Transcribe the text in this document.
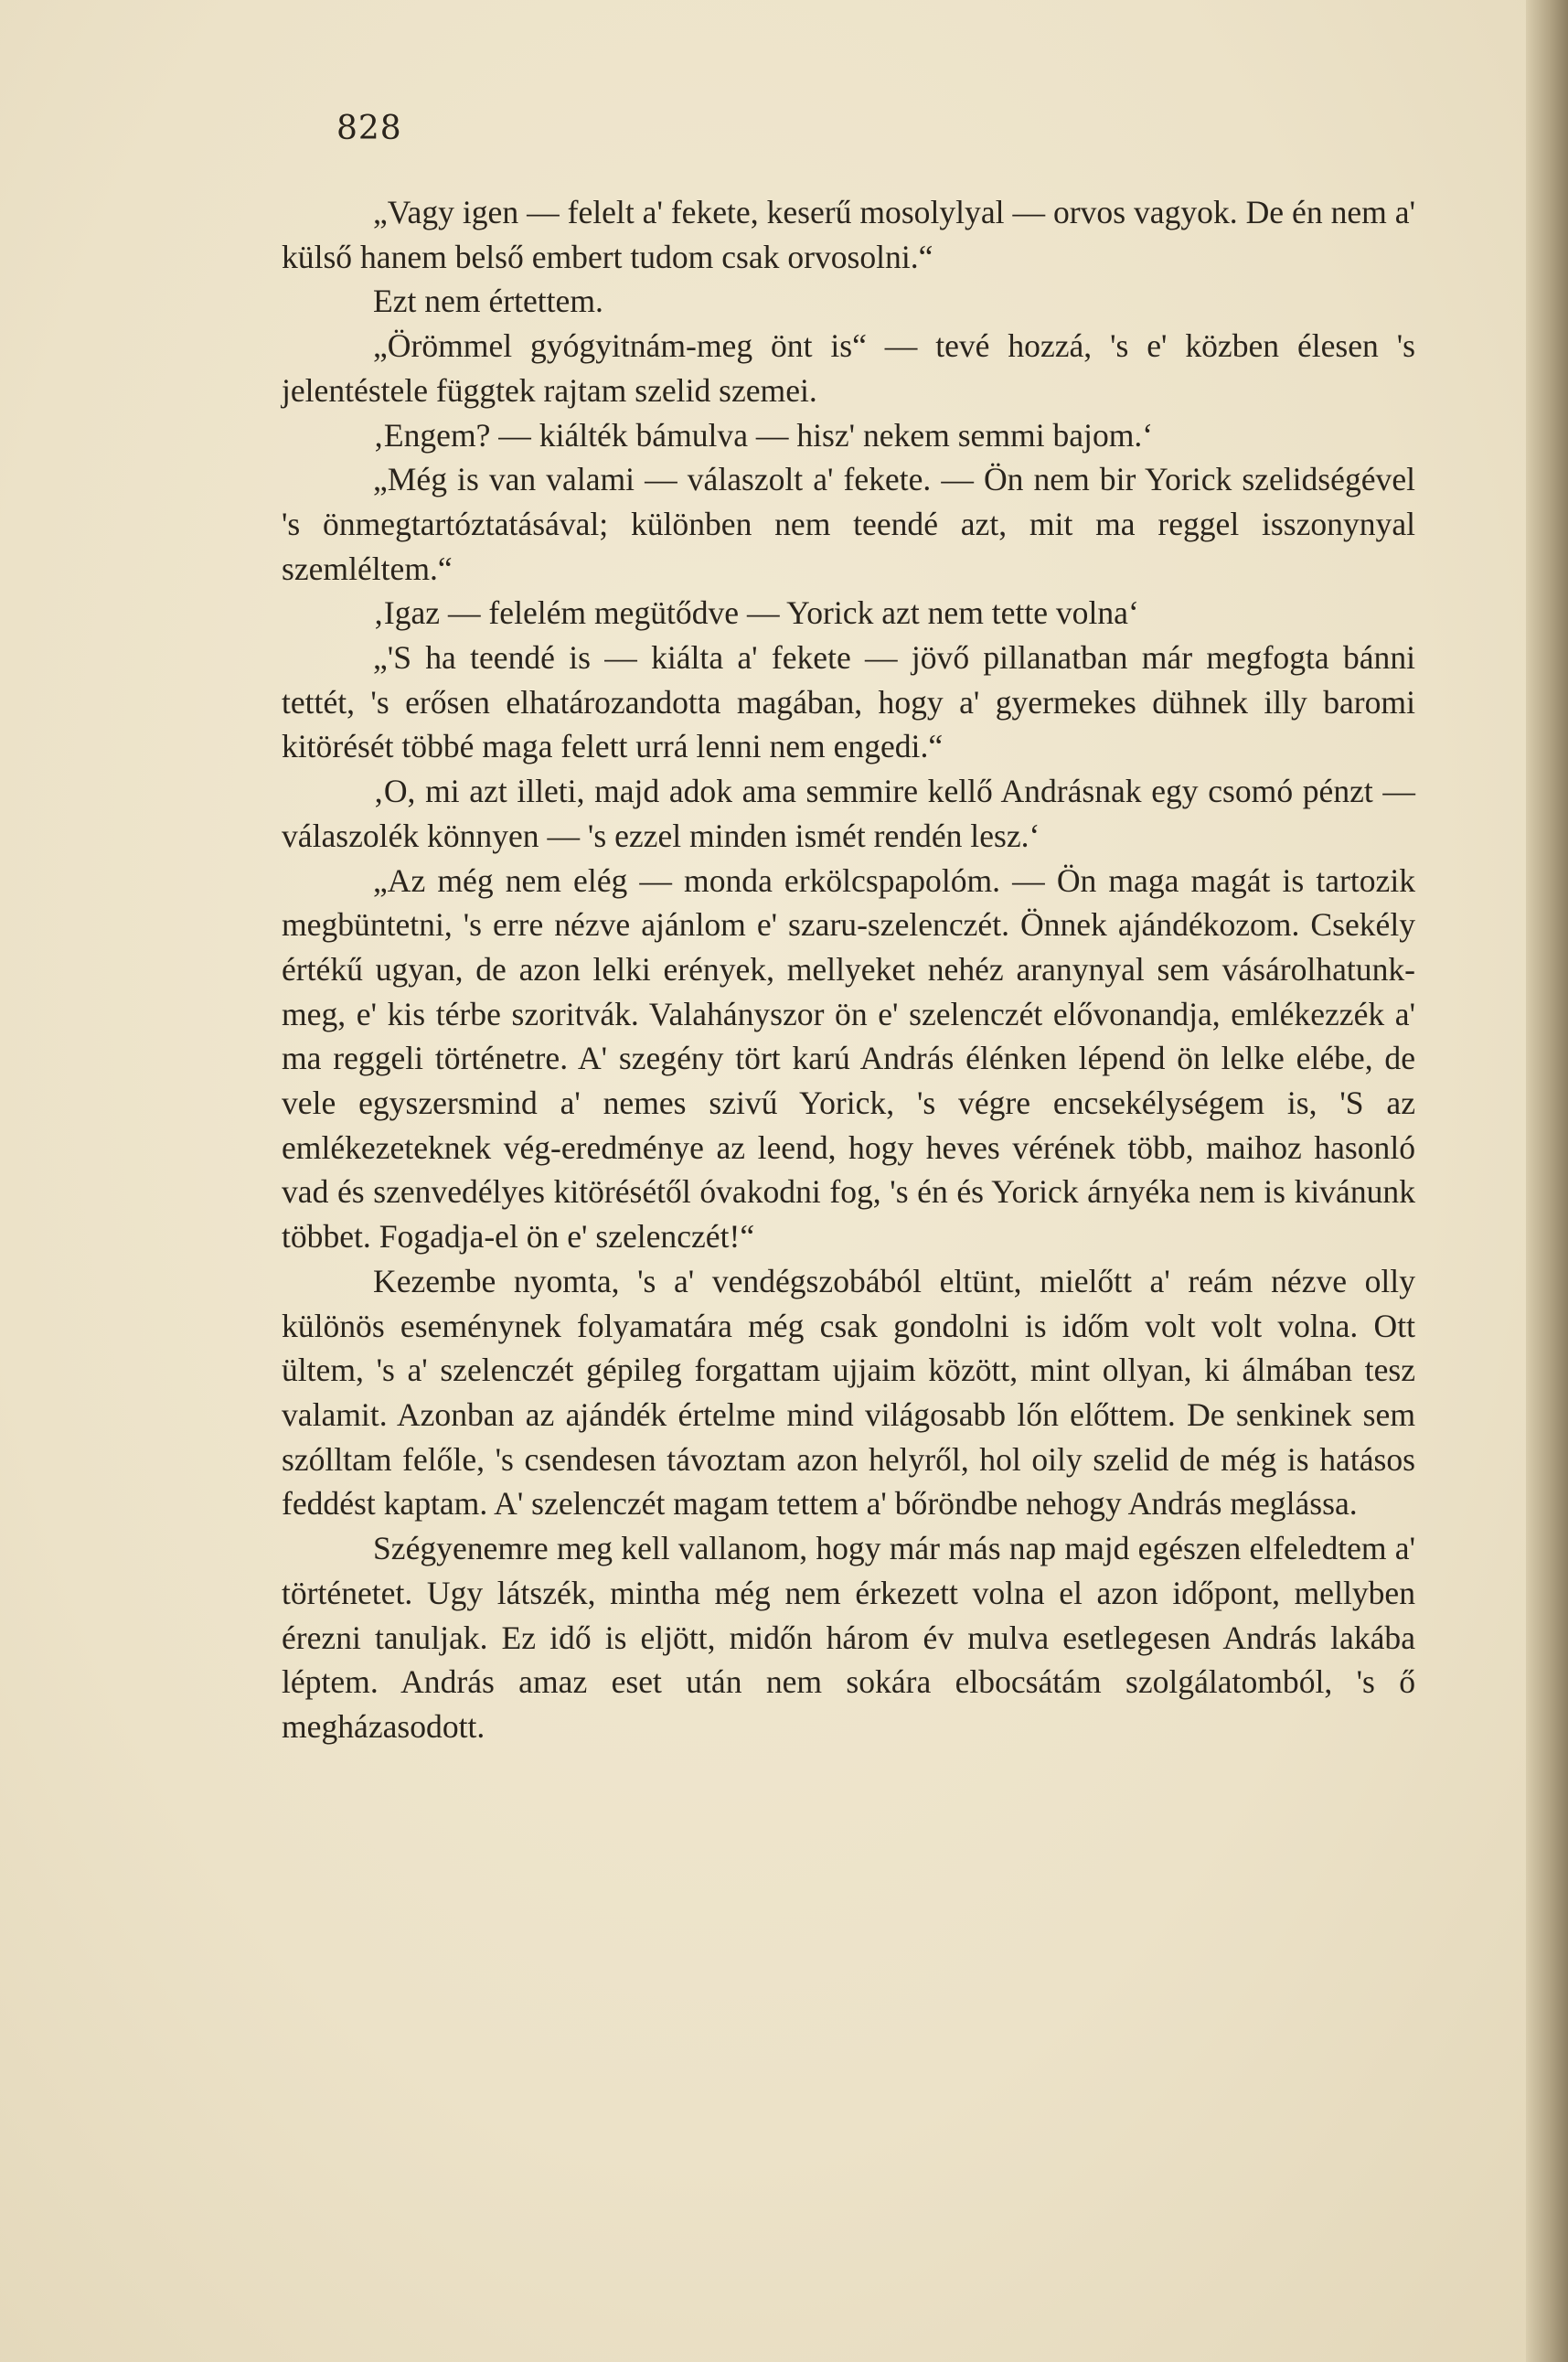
828

„Vagy igen — felelt a' fekete, keserű mosolylyal — orvos vagyok. De én nem a' külső hanem belső embert tudom csak orvosolni.“

Ezt nem értettem.

„Örömmel gyógyitnám-meg önt is“ — tevé hozzá, 's e' közben élesen 's jelentéstele függtek rajtam szelid szemei.

‚Engem? — kiálték bámulva — hisz' nekem semmi bajom.‘

„Még is van valami — válaszolt a' fekete. — Ön nem bir Yorick szelidségével 's önmegtartóztatásával; különben nem teendé azt, mit ma reggel isszonynyal szemléltem.“

‚Igaz — felelém megütődve — Yorick azt nem tette volna‘

„'S ha teendé is — kiálta a' fekete — jövő pillanatban már megfogta bánni tettét, 's erősen elhatározandotta magában, hogy a' gyermekes dühnek illy baromi kitörését többé maga felett urrá lenni nem engedi.“

‚O, mi azt illeti, majd adok ama semmire kellő Andrásnak egy csomó pénzt — válaszolék könnyen — 's ezzel minden ismét rendén lesz.‘

„Az még nem elég — monda erkölcspapolóm. — Ön maga magát is tartozik megbüntetni, 's erre nézve ajánlom e' szaru-szelenczét. Önnek ajándékozom. Csekély értékű ugyan, de azon lelki erények, mellyeket nehéz aranynyal sem vásárolhatunk-meg, e' kis térbe szoritvák. Valahányszor ön e' szelenczét elővonandja, emlékezzék a' ma reggeli történetre. A' szegény tört karú András élénken lépend ön lelke elébe, de vele egyszersmind a' nemes szivű Yorick, 's végre encsekélységem is, 'S az emlékezeteknek vég-eredménye az leend, hogy heves vérének több, maihoz hasonló vad és szenvedélyes kitörésétől óvakodni fog, 's én és Yorick árnyéka nem is kivánunk többet. Fogadja-el ön e' szelenczét!“

Kezembe nyomta, 's a' vendégszobából eltünt, mielőtt a' reám nézve olly különös eseménynek folyamatára még csak gondolni is időm volt volt volna. Ott ültem, 's a' szelenczét gépileg forgattam ujjaim között, mint ollyan, ki álmában tesz valamit. Azonban az ajándék értelme mind világosabb lőn előttem. De senkinek sem szólltam felőle, 's csendesen távoztam azon helyről, hol oily szelid de még is hatásos feddést kaptam. A' szelenczét magam tettem a' bőröndbe nehogy András meglássa.

Szégyenemre meg kell vallanom, hogy már más nap majd egészen elfeledtem a' történetet. Ugy látszék, mintha még nem érkezett volna el azon időpont, mellyben érezni tanuljak. Ez idő is eljött, midőn három év mulva esetlegesen András lakába léptem. András amaz eset után nem sokára elbocsátám szolgálatomból, 's ő megházasodott.
